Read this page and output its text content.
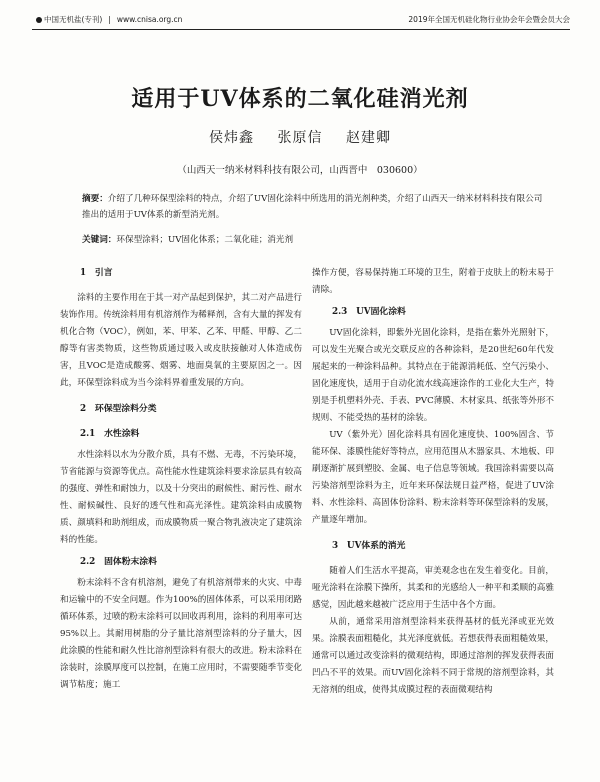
中国无机盐(专刊) | www.cnisa.org.cn	2019年全国无机硅化物行业协会年会暨会员大会
适用于UV体系的二氧化硅消光剂
侯炜鑫 张原信 赵建卿
（山西天一纳米材料科技有限公司，山西晋中　030600）
摘要：介绍了几种环保型涂料的特点，介绍了UV固化涂料中所选用的消光剂种类，介绍了山西天一纳米材料科技有限公司推出的适用于UV体系的新型消光剂。
关键词：环保型涂料；UV固化体系；二氧化硅；消光剂
1　引言

涂料的主要作用在于其一对产品起到保护，其二对产品进行装饰作用。传统涂料用有机溶剂作为稀释剂，含有大量的挥发有机化合物（VOC），例如，苯、甲苯、乙苯、甲醛、甲醇、乙二醇等有害类物质，这些物质通过吸入或皮肤接触对人体造成伤害，且VOC是造成酸雾、烟雾、地面臭氧的主要原因之一。因此，环保型涂料成为当今涂料界着重发展的方向。

2　环保型涂料分类
2.1　水性涂料

水性涂料以水为分散介质，具有不燃、无毒，不污染环境，节省能源与资源等优点。高性能水性建筑涂料要求涂层具有较高的强度、弹性和耐蚀力，以及十分突出的耐候性、耐污性、耐水性、耐候碱性、良好的透气性和高光泽性。建筑涂料由成膜物质、颜填料和助剂组成，而成膜物质一聚合物乳液决定了建筑涂料的性能。

2.2　固体粉末涂料

粉末涂料不含有机溶剂，避免了有机溶剂带来的火灾、中毒和运输中的不安全问题。作为100%的固体体系，可以采用闭路循环体系，过喷的粉末涂料可以回收再利用，涂料的利用率可达95%以上。其耐用树脂的分子量比溶剂型涂料的分子量大，因此涂膜的性能和耐久性比溶剂型涂料有很大的改进。粉末涂料在涂装时，涂膜厚度可以控制，在施工应用时，不需要随季节变化调节粘度；施工

操作方便，容易保持施工环境的卫生，附着于皮肤上的粉末易于清除。

2.3　UV固化涂料

UV固化涂料，即紫外光固化涂料，是指在紫外光照射下，可以发生光聚合或光交联反应的各种涂料，是20世纪60年代发展起来的一种涂料品种。其特点在于能源消耗低、空气污染小、固化速度快，适用于自动化流水线高速涂作的工业化大生产，特别是手机塑料外壳、手表、PVC薄膜、木材家具、纸张等外形不规则、不能受热的基材的涂装。

UV（紫外光）固化涂料具有固化速度快、100%固含、节能环保、漆膜性能好等特点，应用范围从木器家具、木地板、印刷逐渐扩展到塑胶、金属、电子信息等领域。我国涂料需要以高污染溶剂型涂料为主，近年来环保法规日益严格，促进了UV涂料、水性涂料、高固体份涂料、粉末涂料等环保型涂料的发展，产量逐年增加。

3　UV体系的消光

随着人们生活水平提高，审美观念也在发生着变化。目前，哑光涂料在涂膜下操所，其柔和的光感给人一种平和柔顺的高雅感觉，因此越来越被广泛应用于生活中各个方面。

从前，通常采用溶剂型涂料来获得基材的低光泽或亚光效果。涂膜表面粗糙化，其光泽度就低。若想获得表面粗糙效果，通常可以通过改变涂料的微观结构，即通过溶剂的挥发获得表面凹凸不平的效果。而UV固化涂料不同于常规的溶剂型涂料，其无溶剂的组成，使得其成膜过程的表面微观结构
